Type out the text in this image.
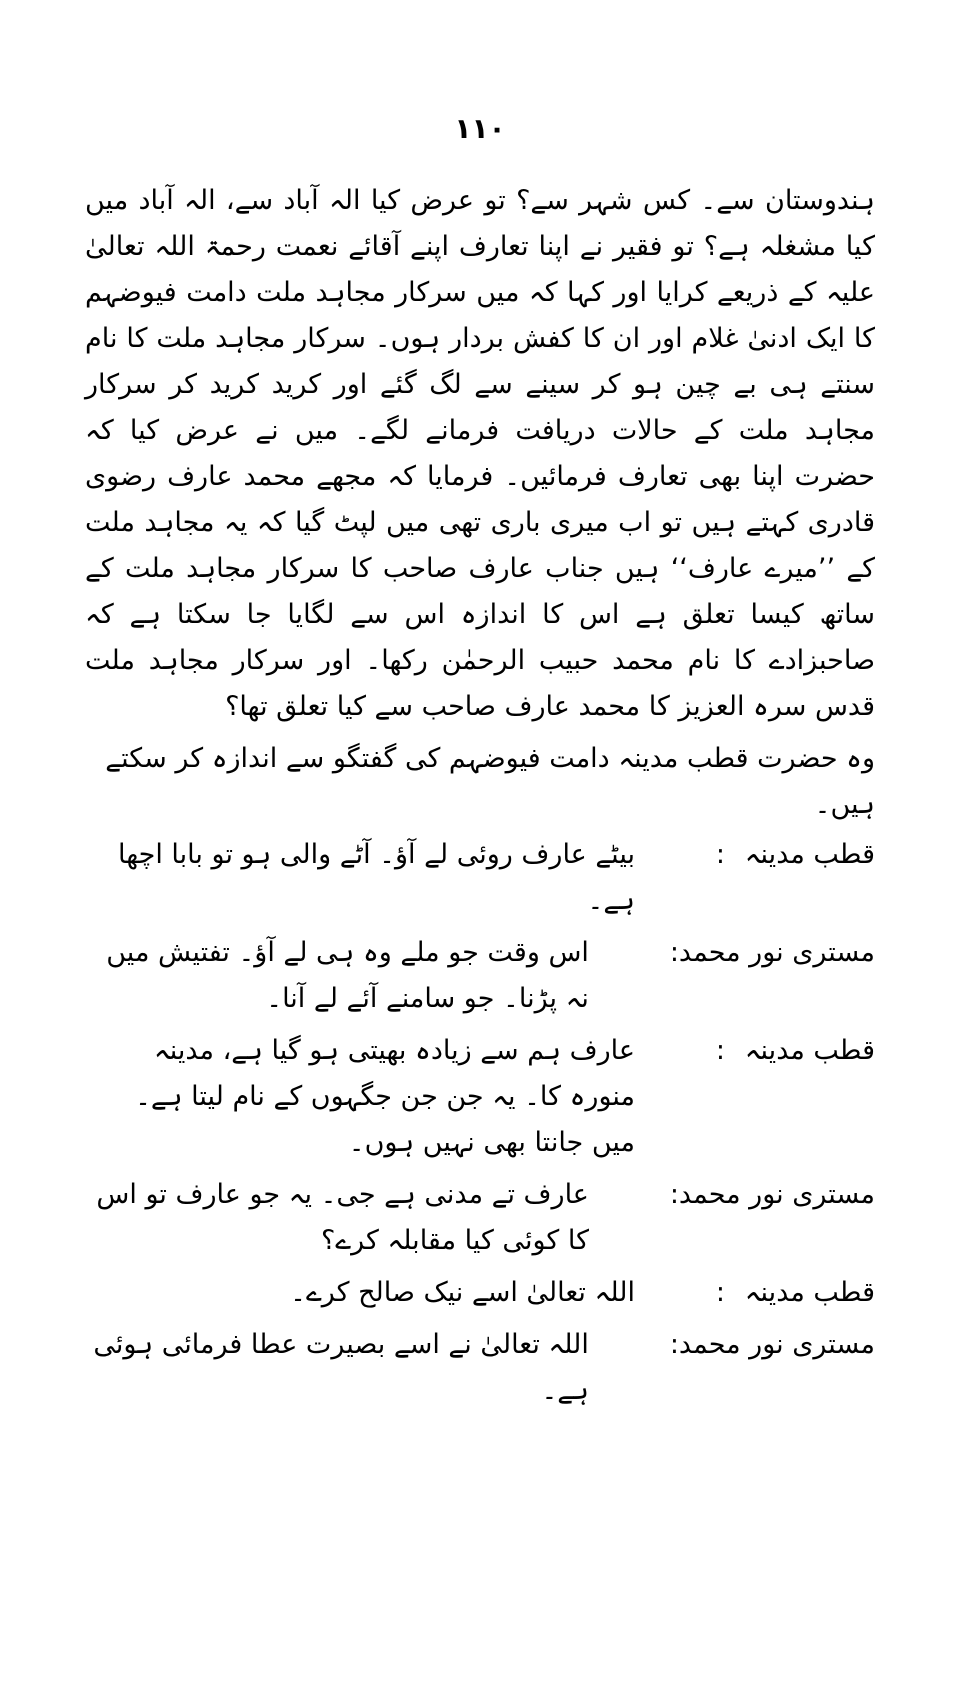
۱۱۰

ہندوستان سے۔ کس شہر سے؟ تو عرض کیا الہ آباد سے، الہ آباد میں کیا مشغلہ ہے؟ تو فقیر نے اپنا تعارف اپنے آقائے نعمت رحمۃ اللہ تعالیٰ علیہ کے ذریعے کرایا اور کہا کہ میں سرکار مجاہد ملت دامت فیوضہم کا ایک ادنیٰ غلام اور ان کا کفش بردار ہوں۔ سرکار مجاہد ملت کا نام سنتے ہی بے چین ہو کر سینے سے لگ گئے اور کرید کرید کر سرکار مجاہد ملت کے حالات دریافت فرمانے لگے۔ میں نے عرض کیا کہ حضرت اپنا بھی تعارف فرمائیں۔ فرمایا کہ مجھے محمد عارف رضوی قادری کہتے ہیں تو اب میری باری تھی میں لپٹ گیا کہ یہ مجاہد ملت کے ’’میرے عارف‘‘ ہیں جناب عارف صاحب کا سرکار مجاہد ملت کے ساتھ کیسا تعلق ہے اس کا اندازہ اس سے لگایا جا سکتا ہے کہ صاحبزادے کا نام محمد حبیب الرحمٰن رکھا۔ اور سرکار مجاہد ملت قدس سرہ العزیز کا محمد عارف صاحب سے کیا تعلق تھا؟

وہ حضرت قطب مدینہ دامت فیوضہم کی گفتگو سے اندازہ کر سکتے ہیں۔

قطب مدینہ
:
بیٹے عارف روئی لے آؤ۔ آٹے والی ہو تو بابا اچھا ہے۔
مستری نور محمد
:
اس وقت جو ملے وہ ہی لے آؤ۔ تفتیش میں نہ پڑنا۔ جو سامنے آئے لے آنا۔
قطب مدینہ
:
عارف ہم سے زیادہ بھیتی ہو گیا ہے، مدینہ منورہ کا۔ یہ جن جن جگہوں کے نام لیتا ہے۔ میں جانتا بھی نہیں ہوں۔
مستری نور محمد
:
عارف تے مدنی ہے جی۔ یہ جو عارف تو اس کا کوئی کیا مقابلہ کرے؟
قطب مدینہ
:
اللہ تعالیٰ اسے نیک صالح کرے۔
مستری نور محمد
:
اللہ تعالیٰ نے اسے بصیرت عطا فرمائی ہوئی ہے۔
